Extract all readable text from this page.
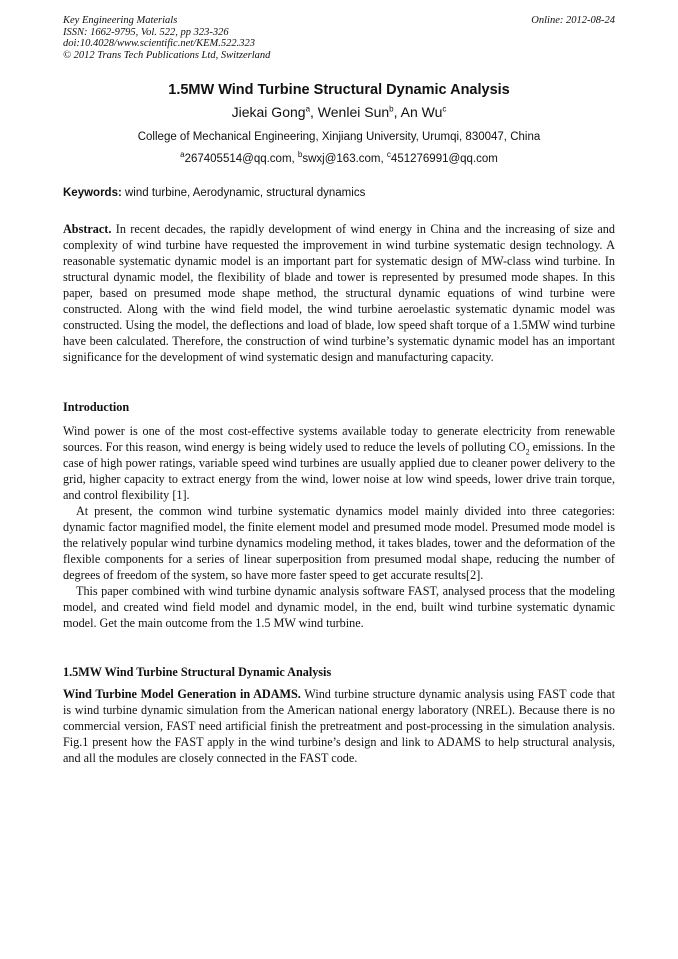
Key Engineering Materials
ISSN: 1662-9795, Vol. 522, pp 323-326
doi:10.4028/www.scientific.net/KEM.522.323
© 2012 Trans Tech Publications Ltd, Switzerland
Online: 2012-08-24
1.5MW Wind Turbine Structural Dynamic Analysis
Jiekai Gong$^a$, Wenlei Sun$^b$, An Wu$^c$
College of Mechanical Engineering, Xinjiang University, Urumqi, 830047, China
$^a$267405514@qq.com, $^b$swxj@163.com, $^c$451276991@qq.com
Keywords: wind turbine, Aerodynamic, structural dynamics

Abstract. In recent decades, the rapidly development of wind energy in China and the increasing of size and complexity of wind turbine have requested the improvement in wind turbine systematic design technology. A reasonable systematic dynamic model is an important part for systematic design of MW-class wind turbine. In structural dynamic model, the flexibility of blade and tower is represented by presumed mode shapes. In this paper, based on presumed mode shape method, the structural dynamic equations of wind turbine were constructed. Along with the wind field model, the wind turbine aeroelastic systematic dynamic model was constructed. Using the model, the deflections and load of blade, low speed shaft torque of a 1.5MW wind turbine have been calculated. Therefore, the construction of wind turbine’s systematic dynamic model has an important significance for the development of wind systematic design and manufacturing capacity.

Introduction

Wind power is one of the most cost-effective systems available today to generate electricity from renewable sources. For this reason, wind energy is being widely used to reduce the levels of polluting $CO_2$ emissions. In the case of high power ratings, variable speed wind turbines are usually applied due to cleaner power delivery to the grid, higher capacity to extract energy from the wind, lower noise at low wind speeds, lower drive train torque, and control flexibility [1].

At present, the common wind turbine systematic dynamics model mainly divided into three categories: dynamic factor magnified model, the finite element model and presumed mode model. Presumed mode model is the relatively popular wind turbine dynamics modeling method, it takes blades, tower and the deformation of the flexible components for a series of linear superposition from presumed modal shape, reducing the number of degrees of freedom of the system, so have more faster speed to get accurate results[2].

This paper combined with wind turbine dynamic analysis software FAST, analysed process that the modeling model, and created wind field model and dynamic model, in the end, built wind turbine systematic dynamic model. Get the main outcome from the 1.5 MW wind turbine.

1.5MW Wind Turbine Structural Dynamic Analysis

Wind Turbine Model Generation in ADAMS. Wind turbine structure dynamic analysis using FAST code that is wind turbine dynamic simulation from the American national energy laboratory (NREL). Because there is no commercial version, FAST need artificial finish the pretreatment and post-processing in the simulation analysis. Fig.1 present how the FAST apply in the wind turbine’s design and link to ADAMS to help structural analysis, and all the modules are closely connected in the FAST code.
